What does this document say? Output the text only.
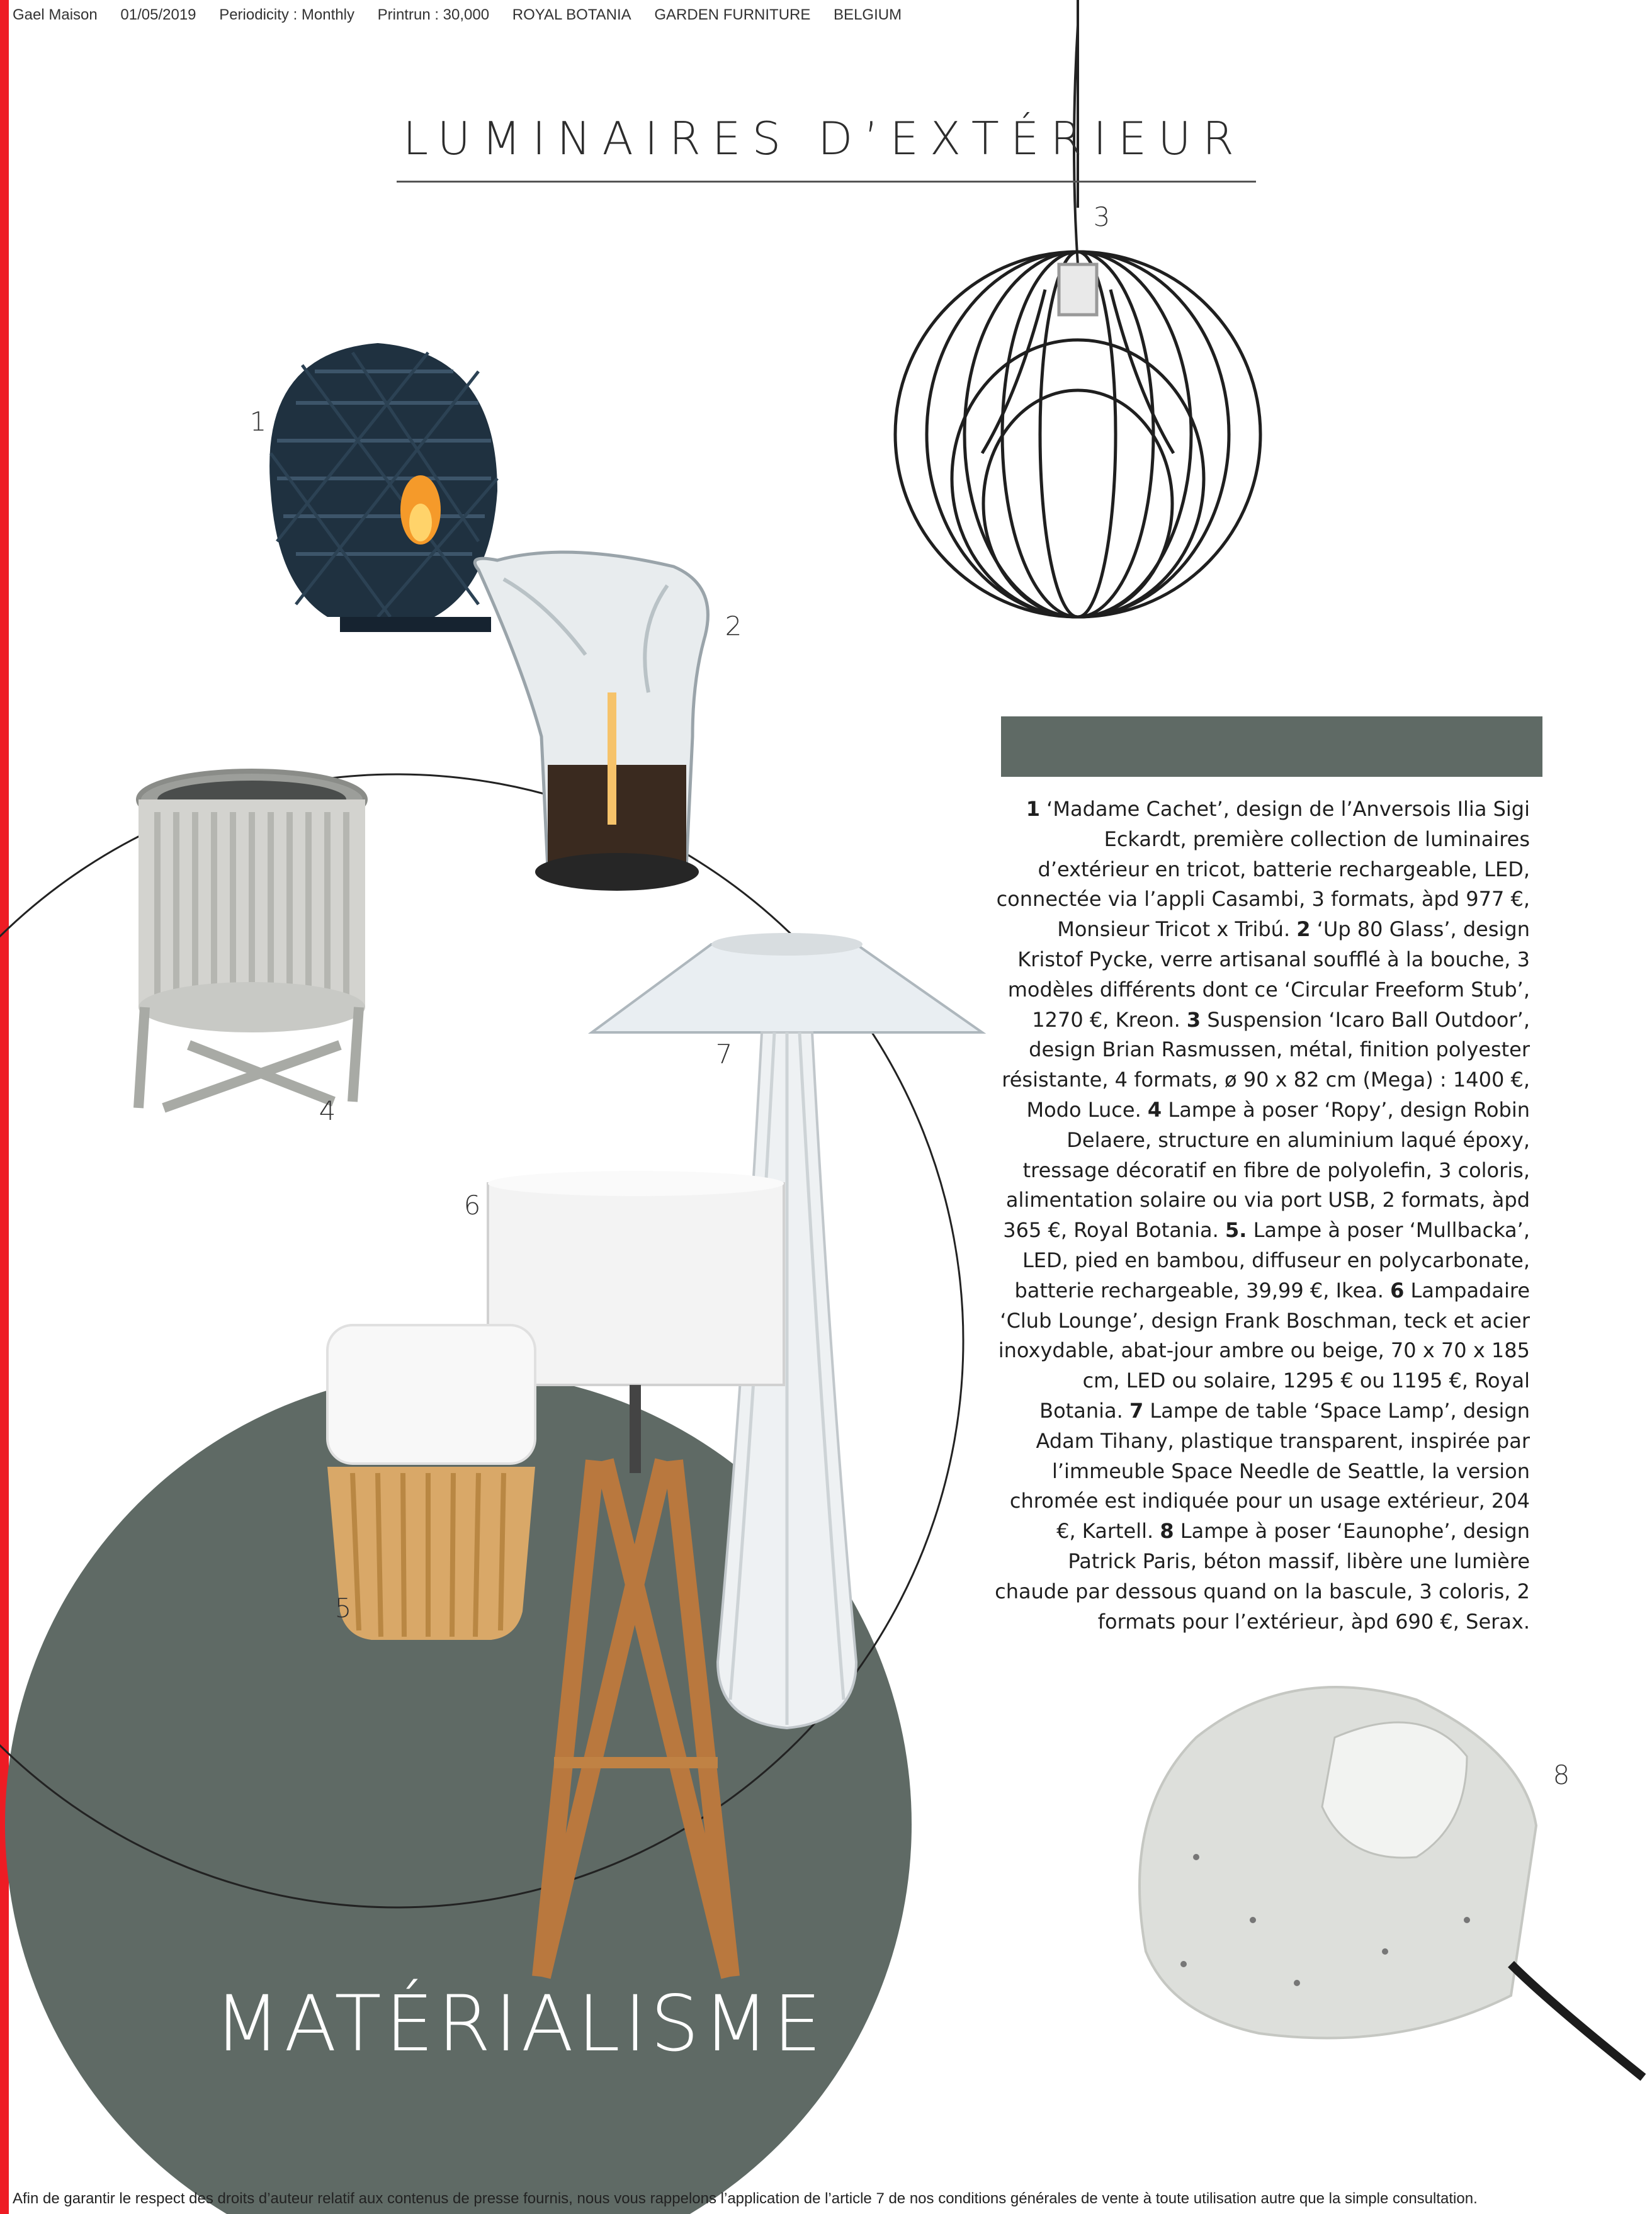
Gael Maison 01/05/2019 Periodicity : Monthly Printrun : 30,000 ROYAL BOTANIA GARDEN FURNITURE BELGIUM
LUMINAIRES D’EXTÉRIEUR
1
2
3
4
5
6
7
8
1 ‘Madame Cachet’, design de l’Anversois Ilia Sigi Eckardt, première collection de luminaires d’extérieur en tricot, batterie rechargeable, LED, connectée via l’appli Casambi, 3 formats, àpd 977 €, Monsieur Tricot x Tribú. 2 ‘Up 80 Glass’, design Kristof Pycke, verre artisanal soufflé à la bouche, 3 modèles différents dont ce ‘Circular Freeform Stub’, 1270 €, Kreon. 3 Suspension ‘Icaro Ball Outdoor’, design Brian Rasmussen, métal, finition polyester résistante, 4 formats, ø 90 x 82 cm (Mega) : 1400 €, Modo Luce. 4 Lampe à poser ‘Ropy’, design Robin Delaere, structure en aluminium laqué époxy, tressage décoratif en fibre de polyolefin, 3 coloris, alimentation solaire ou via port USB, 2 formats, àpd 365 €, Royal Botania. 5. Lampe à poser ‘Mullbacka’, LED, pied en bambou, diffuseur en polycarbonate, batterie rechargeable, 39,99 €, Ikea. 6 Lampadaire ‘Club Lounge’, design Frank Boschman, teck et acier inoxydable, abat-jour ambre ou beige, 70 x 70 x 185 cm, LED ou solaire, 1295 € ou 1195 €, Royal Botania. 7 Lampe de table ‘Space Lamp’, design Adam Tihany, plastique transparent, inspirée par l’immeuble Space Needle de Seattle, la version chromée est indiquée pour un usage extérieur, 204 €, Kartell. 8 Lampe à poser ‘Eaunophe’, design Patrick Paris, béton massif, libère une lumière chaude par dessous quand on la bascule, 3 coloris, 2 formats pour l’extérieur, àpd 690 €, Serax.
MATÉRIALISME
Afin de garantir le respect des droits d’auteur relatif aux contenus de presse fournis, nous vous rappelons l’application de l’article 7 de nos conditions générales de vente à toute utilisation autre que la simple consultation.
